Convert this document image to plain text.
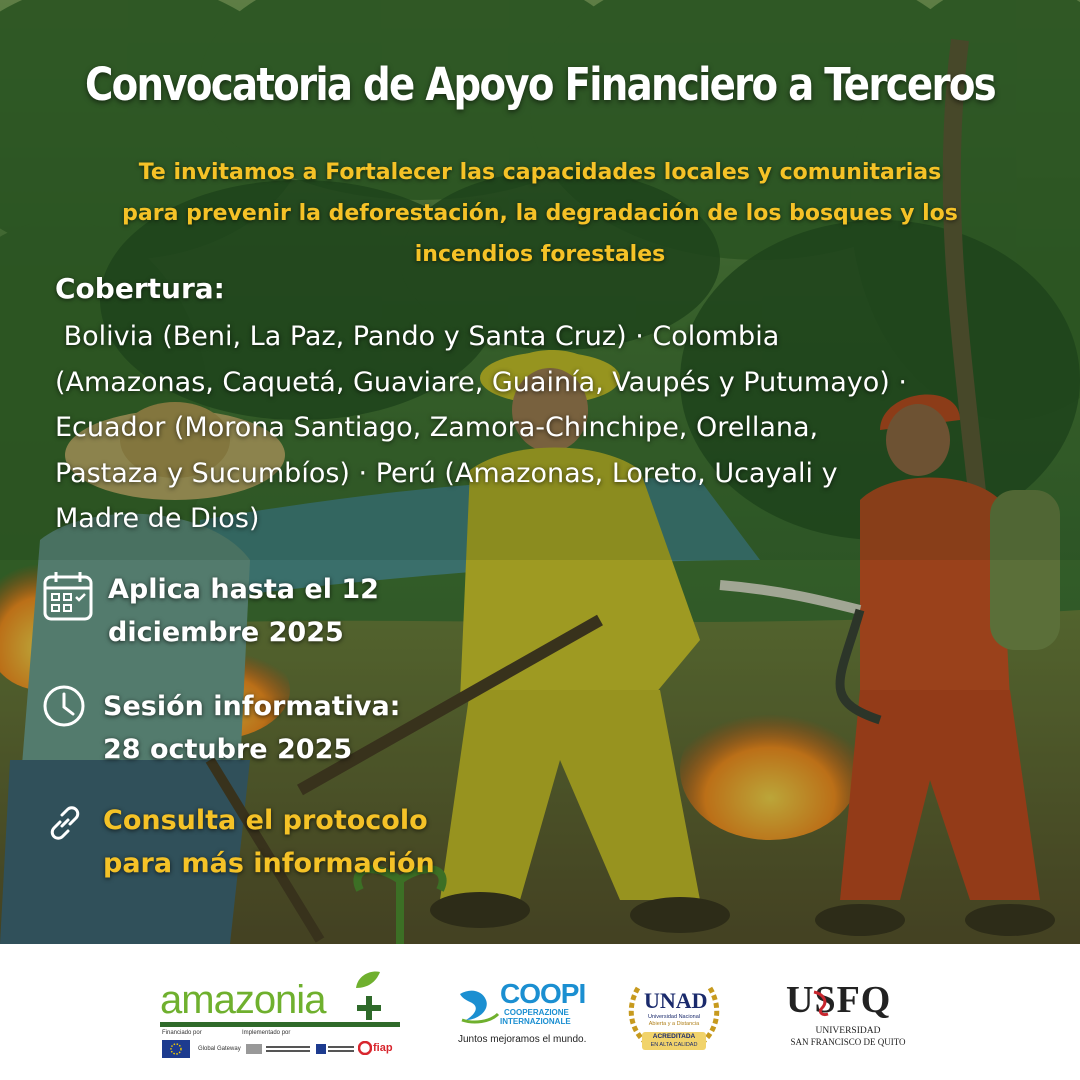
Convocatoria de Apoyo Financiero a Terceros
Te invitamos a Fortalecer las capacidades locales y comunitarias
para prevenir la deforestación, la degradación de los bosques y los
incendios forestales
Cobertura:
Bolivia (Beni, La Paz, Pando y Santa Cruz) · Colombia
(Amazonas, Caquetá, Guaviare, Guainía, Vaupés y Putumayo) ·
Ecuador (Morona Santiago, Zamora-Chinchipe, Orellana,
Pastaza y Sucumbíos) · Perú (Amazonas, Loreto, Ucayali y
Madre de Dios)
Aplica hasta el 12
diciembre 2025
Sesión informativa:
28 octubre 2025
Consulta el protocolo
para más información
amazonia
Financiado por	Implementado por
Global Gateway	fiap
COOPI
COOPERAZIONE
INTERNAZIONALE
Juntos mejoramos el mundo.
UNAD
Universidad Nacional
Abierta y a Distancia
ACREDITADA
EN ALTA CALIDAD
USFQ
UNIVERSIDAD
SAN FRANCISCO DE QUITO
